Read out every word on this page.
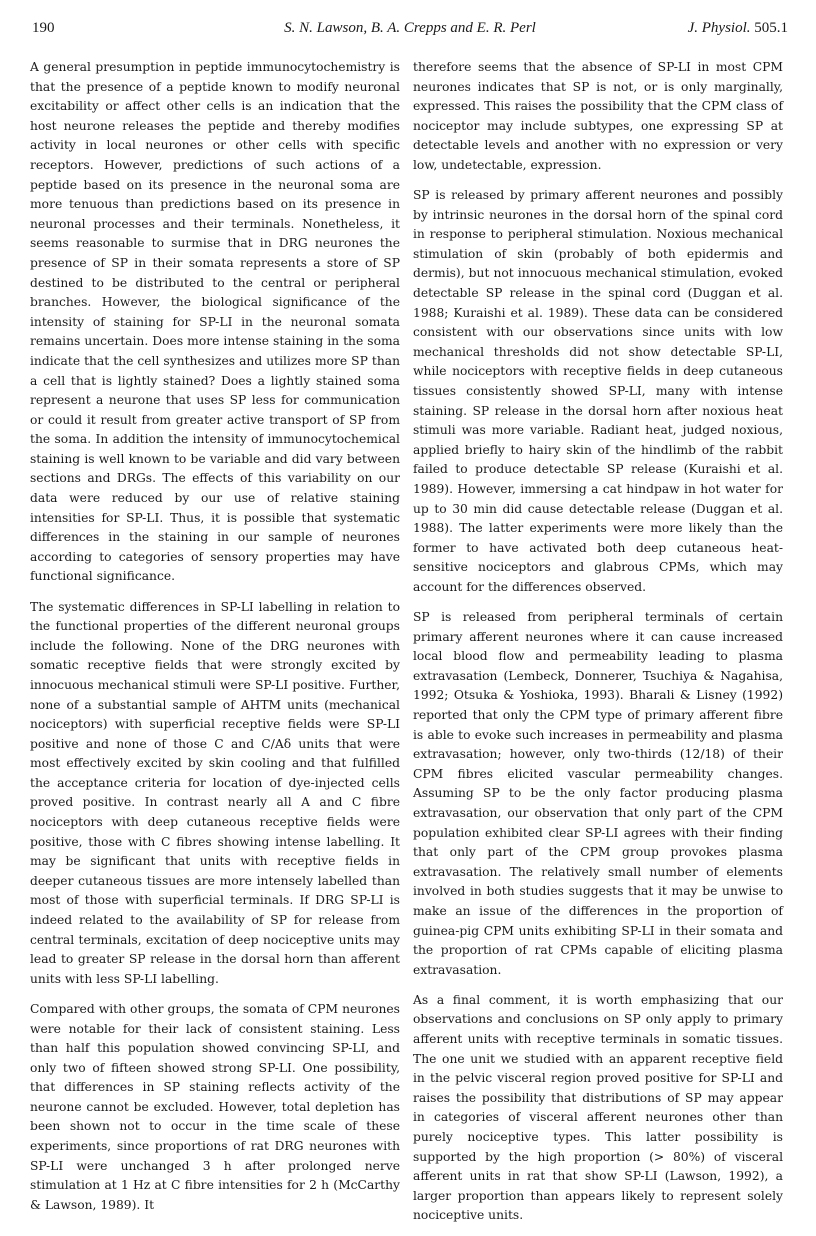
190	S. N. Lawson, B. A. Crepps and E. R. Perl	J. Physiol. 505.1

A general presumption in peptide immunocytochemistry is that the presence of a peptide known to modify neuronal excitability or affect other cells is an indication that the host neurone releases the peptide and thereby modifies activity in local neurones or other cells with specific receptors. However, predictions of such actions of a peptide based on its presence in the neuronal soma are more tenuous than predictions based on its presence in neuronal processes and their terminals. Nonetheless, it seems reasonable to surmise that in DRG neurones the presence of SP in their somata represents a store of SP destined to be distributed to the central or peripheral branches. However, the biological significance of the intensity of staining for SP-LI in the neuronal somata remains uncertain. Does more intense staining in the soma indicate that the cell synthesizes and utilizes more SP than a cell that is lightly stained? Does a lightly stained soma represent a neurone that uses SP less for communication or could it result from greater active transport of SP from the soma. In addition the intensity of immunocytochemical staining is well known to be variable and did vary between sections and DRGs. The effects of this variability on our data were reduced by our use of relative staining intensities for SP-LI. Thus, it is possible that systematic differences in the staining in our sample of neurones according to categories of sensory properties may have functional significance.

The systematic differences in SP-LI labelling in relation to the functional properties of the different neuronal groups include the following. None of the DRG neurones with somatic receptive fields that were strongly excited by innocuous mechanical stimuli were SP-LI positive. Further, none of a substantial sample of AHTM units (mechanical nociceptors) with superficial receptive fields were SP-LI positive and none of those C and C/Aδ units that were most effectively excited by skin cooling and that fulfilled the acceptance criteria for location of dye-injected cells proved positive. In contrast nearly all A and C fibre nociceptors with deep cutaneous receptive fields were positive, those with C fibres showing intense labelling. It may be significant that units with receptive fields in deeper cutaneous tissues are more intensely labelled than most of those with superficial terminals. If DRG SP-LI is indeed related to the availability of SP for release from central terminals, excitation of deep nociceptive units may lead to greater SP release in the dorsal horn than afferent units with less SP-LI labelling.

Compared with other groups, the somata of CPM neurones were notable for their lack of consistent staining. Less than half this population showed convincing SP-LI, and only two of fifteen showed strong SP-LI. One possibility, that differences in SP staining reflects activity of the neurone cannot be excluded. However, total depletion has been shown not to occur in the time scale of these experiments, since proportions of rat DRG neurones with SP-LI were unchanged 3 h after prolonged nerve stimulation at 1 Hz at C fibre intensities for 2 h (McCarthy & Lawson, 1989). It

therefore seems that the absence of SP-LI in most CPM neurones indicates that SP is not, or is only marginally, expressed. This raises the possibility that the CPM class of nociceptor may include subtypes, one expressing SP at detectable levels and another with no expression or very low, undetectable, expression.

SP is released by primary afferent neurones and possibly by intrinsic neurones in the dorsal horn of the spinal cord in response to peripheral stimulation. Noxious mechanical stimulation of skin (probably of both epidermis and dermis), but not innocuous mechanical stimulation, evoked detectable SP release in the spinal cord (Duggan et al. 1988; Kuraishi et al. 1989). These data can be considered consistent with our observations since units with low mechanical thresholds did not show detectable SP-LI, while nociceptors with receptive fields in deep cutaneous tissues consistently showed SP-LI, many with intense staining. SP release in the dorsal horn after noxious heat stimuli was more variable. Radiant heat, judged noxious, applied briefly to hairy skin of the hindlimb of the rabbit failed to produce detectable SP release (Kuraishi et al. 1989). However, immersing a cat hindpaw in hot water for up to 30 min did cause detectable release (Duggan et al. 1988). The latter experiments were more likely than the former to have activated both deep cutaneous heat-sensitive nociceptors and glabrous CPMs, which may account for the differences observed.

SP is released from peripheral terminals of certain primary afferent neurones where it can cause increased local blood flow and permeability leading to plasma extravasation (Lembeck, Donnerer, Tsuchiya & Nagahisa, 1992; Otsuka & Yoshioka, 1993). Bharali & Lisney (1992) reported that only the CPM type of primary afferent fibre is able to evoke such increases in permeability and plasma extravasation; however, only two-thirds (12/18) of their CPM fibres elicited vascular permeability changes. Assuming SP to be the only factor producing plasma extravasation, our observation that only part of the CPM population exhibited clear SP-LI agrees with their finding that only part of the CPM group provokes plasma extravasation. The relatively small number of elements involved in both studies suggests that it may be unwise to make an issue of the differences in the proportion of guinea-pig CPM units exhibiting SP-LI in their somata and the proportion of rat CPMs capable of eliciting plasma extravasation.

As a final comment, it is worth emphasizing that our observations and conclusions on SP only apply to primary afferent units with receptive terminals in somatic tissues. The one unit we studied with an apparent receptive field in the pelvic visceral region proved positive for SP-LI and raises the possibility that distributions of SP may appear in categories of visceral afferent neurones other than purely nociceptive types. This latter possibility is supported by the high proportion (> 80%) of visceral afferent units in rat that show SP-LI (Lawson, 1992), a larger proportion than appears likely to represent solely nociceptive units.
